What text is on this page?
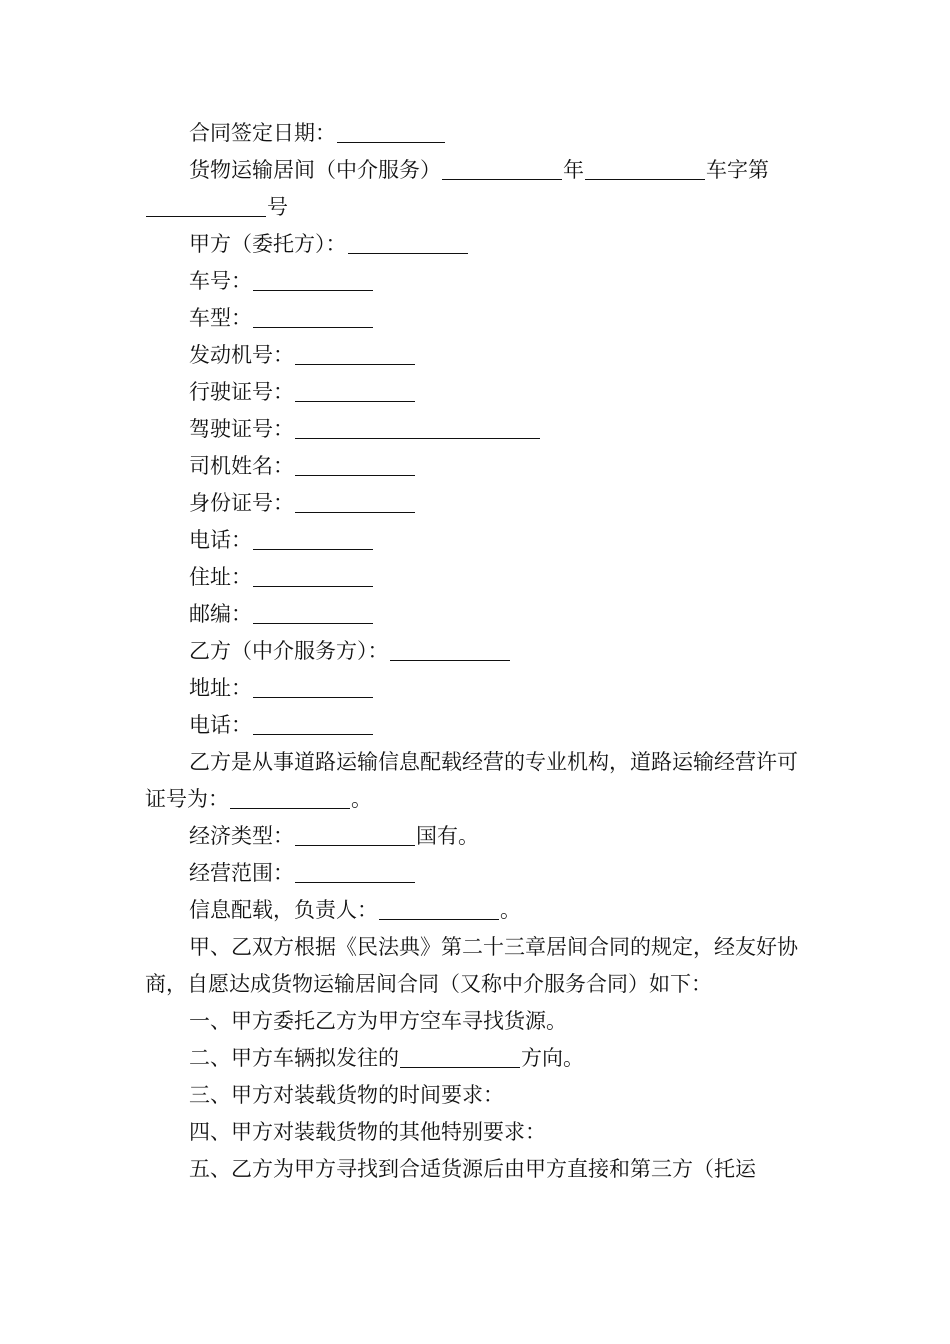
合同签定日期：

货物运输居间（中介服务）	年	车字第号

甲方（委托方）：

车号：

车型：

发动机号：

行驶证号：

驾驶证号：

司机姓名：

身份证号：

电话：

住址：

邮编：

乙方（中介服务方）：

地址：

电话：

乙方是从事道路运输信息配载经营的专业机构，道路运输经营许可证号为：	。

经济类型：	国有。

经营范围：

信息配载，负责人：	。

甲、乙双方根据《民法典》第二十三章居间合同的规定，经友好协商，自愿达成货物运输居间合同（又称中介服务合同）如下：

一、甲方委托乙方为甲方空车寻找货源。

二、甲方车辆拟发往的	方向。

三、甲方对装载货物的时间要求：

四、甲方对装载货物的其他特别要求：

五、乙方为甲方寻找到合适货源后由甲方直接和第三方（托运
